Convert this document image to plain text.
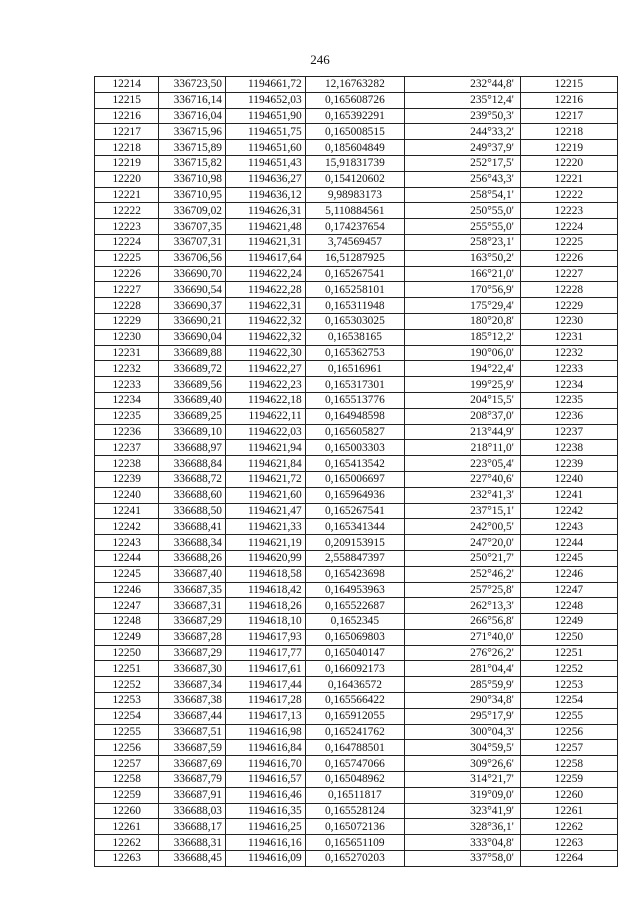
246
12214	336723,50	1194661,72	12,16763282	232°44,8'	12215
12215	336716,14	1194652,03	0,165608726	235°12,4'	12216
12216	336716,04	1194651,90	0,165392291	239°50,3'	12217
12217	336715,96	1194651,75	0,165008515	244°33,2'	12218
12218	336715,89	1194651,60	0,185604849	249°37,9'	12219
12219	336715,82	1194651,43	15,91831739	252°17,5'	12220
12220	336710,98	1194636,27	0,154120602	256°43,3'	12221
12221	336710,95	1194636,12	9,98983173	258°54,1'	12222
12222	336709,02	1194626,31	5,110884561	250°55,0'	12223
12223	336707,35	1194621,48	0,174237654	255°55,0'	12224
12224	336707,31	1194621,31	3,74569457	258°23,1'	12225
12225	336706,56	1194617,64	16,51287925	163°50,2'	12226
12226	336690,70	1194622,24	0,165267541	166°21,0'	12227
12227	336690,54	1194622,28	0,165258101	170°56,9'	12228
12228	336690,37	1194622,31	0,165311948	175°29,4'	12229
12229	336690,21	1194622,32	0,165303025	180°20,8'	12230
12230	336690,04	1194622,32	0,16538165	185°12,2'	12231
12231	336689,88	1194622,30	0,165362753	190°06,0'	12232
12232	336689,72	1194622,27	0,16516961	194°22,4'	12233
12233	336689,56	1194622,23	0,165317301	199°25,9'	12234
12234	336689,40	1194622,18	0,165513776	204°15,5'	12235
12235	336689,25	1194622,11	0,164948598	208°37,0'	12236
12236	336689,10	1194622,03	0,165605827	213°44,9'	12237
12237	336688,97	1194621,94	0,165003303	218°11,0'	12238
12238	336688,84	1194621,84	0,165413542	223°05,4'	12239
12239	336688,72	1194621,72	0,165006697	227°40,6'	12240
12240	336688,60	1194621,60	0,165964936	232°41,3'	12241
12241	336688,50	1194621,47	0,165267541	237°15,1'	12242
12242	336688,41	1194621,33	0,165341344	242°00,5'	12243
12243	336688,34	1194621,19	0,209153915	247°20,0'	12244
12244	336688,26	1194620,99	2,558847397	250°21,7'	12245
12245	336687,40	1194618,58	0,165423698	252°46,2'	12246
12246	336687,35	1194618,42	0,164953963	257°25,8'	12247
12247	336687,31	1194618,26	0,165522687	262°13,3'	12248
12248	336687,29	1194618,10	0,1652345	266°56,8'	12249
12249	336687,28	1194617,93	0,165069803	271°40,0'	12250
12250	336687,29	1194617,77	0,165040147	276°26,2'	12251
12251	336687,30	1194617,61	0,166092173	281°04,4'	12252
12252	336687,34	1194617,44	0,16436572	285°59,9'	12253
12253	336687,38	1194617,28	0,165566422	290°34,8'	12254
12254	336687,44	1194617,13	0,165912055	295°17,9'	12255
12255	336687,51	1194616,98	0,165241762	300°04,3'	12256
12256	336687,59	1194616,84	0,164788501	304°59,5'	12257
12257	336687,69	1194616,70	0,165747066	309°26,6'	12258
12258	336687,79	1194616,57	0,165048962	314°21,7'	12259
12259	336687,91	1194616,46	0,16511817	319°09,0'	12260
12260	336688,03	1194616,35	0,165528124	323°41,9'	12261
12261	336688,17	1194616,25	0,165072136	328°36,1'	12262
12262	336688,31	1194616,16	0,165651109	333°04,8'	12263
12263	336688,45	1194616,09	0,165270203	337°58,0'	12264
